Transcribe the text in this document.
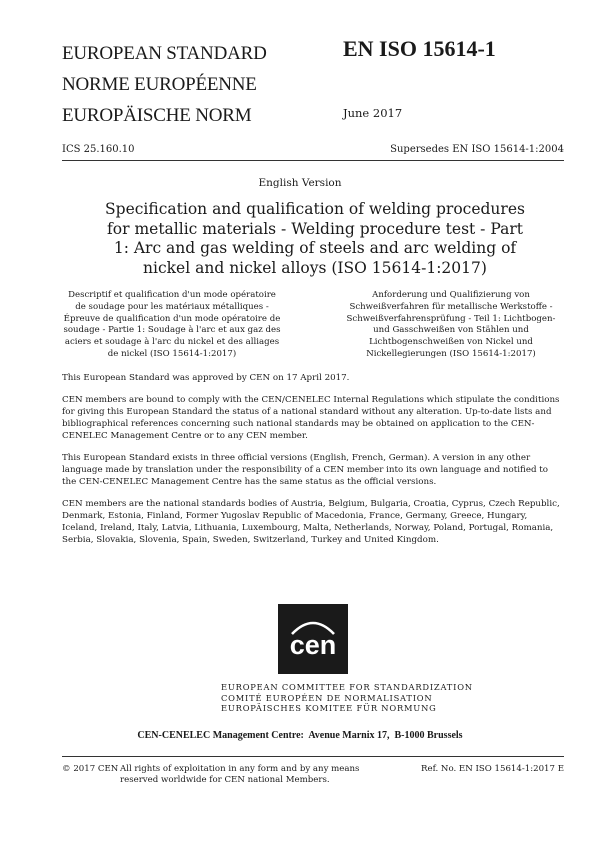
EUROPEAN STANDARD
NORME EUROPÉENNE
EUROPÄISCHE NORM
EN ISO 15614-1
June 2017
ICS 25.160.10	Supersedes EN ISO 15614-1:2004
English Version
Specification and qualification of welding procedures for metallic materials - Welding procedure test - Part 1: Arc and gas welding of steels and arc welding of nickel and nickel alloys (ISO 15614-1:2017)
Descriptif et qualification d'un mode opératoire de soudage pour les matériaux métalliques - Épreuve de qualification d'un mode opératoire de soudage - Partie 1: Soudage à l'arc et aux gaz des aciers et soudage à l'arc du nickel et des alliages de nickel (ISO 15614-1:2017)
Anforderung und Qualifizierung von Schweißverfahren für metallische Werkstoffe - Schweißverfahrensprüfung - Teil 1: Lichtbogen- und Gasschweißen von Stählen und Lichtbogenschweißen von Nickel und Nickellegierungen (ISO 15614-1:2017)

This European Standard was approved by CEN on 17 April 2017.

CEN members are bound to comply with the CEN/CENELEC Internal Regulations which stipulate the conditions for giving this European Standard the status of a national standard without any alteration. Up-to-date lists and bibliographical references concerning such national standards may be obtained on application to the CEN-CENELEC Management Centre or to any CEN member.

This European Standard exists in three official versions (English, French, German). A version in any other language made by translation under the responsibility of a CEN member into its own language and notified to the CEN-CENELEC Management Centre has the same status as the official versions.

CEN members are the national standards bodies of Austria, Belgium, Bulgaria, Croatia, Cyprus, Czech Republic, Denmark, Estonia, Finland, Former Yugoslav Republic of Macedonia, France, Germany, Greece, Hungary, Iceland, Ireland, Italy, Latvia, Lithuania, Luxembourg, Malta, Netherlands, Norway, Poland, Portugal, Romania, Serbia, Slovakia, Slovenia, Spain, Sweden, Switzerland, Turkey and United Kingdom.

cen
EUROPEAN COMMITTEE FOR STANDARDIZATION
COMITÉ EUROPÉEN DE NORMALISATION
EUROPÄISCHES KOMITEE FÜR NORMUNG
CEN-CENELEC Management Centre:  Avenue Marnix 17,  B-1000 Brussels
© 2017 CEN All rights of exploitation in any form and by any means reserved worldwide for CEN national Members.
Ref. No. EN ISO 15614-1:2017 E
